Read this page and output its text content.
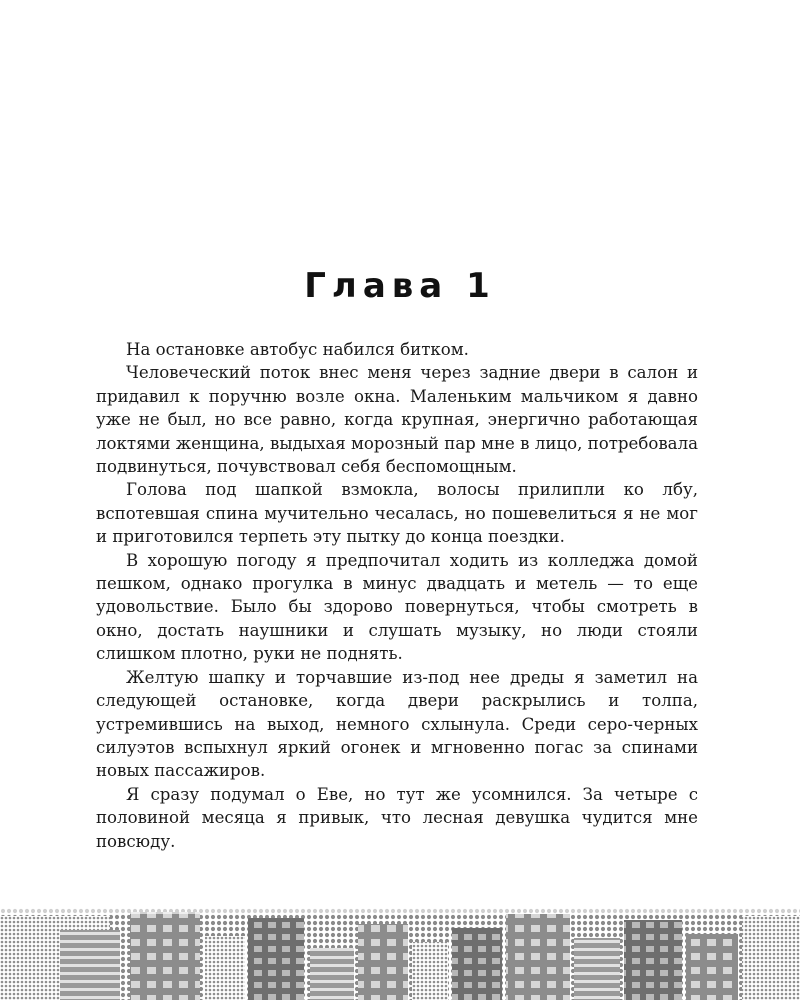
Глава 1

На остановке автобус набился битком.

Человеческий поток внес меня через задние двери в салон и придавил к поручню возле окна. Маленьким мальчиком я давно уже не был, но все равно, когда крупная, энергично работающая локтями женщина, выдыхая морозный пар мне в лицо, потребовала подвинуться, почувствовал себя беспомощным.

Голова под шапкой взмокла, волосы прилипли ко лбу, вспотевшая спина мучительно чесалась, но пошевелиться я не мог и приготовился терпеть эту пытку до конца поездки.

В хорошую погоду я предпочитал ходить из колледжа домой пешком, однако прогулка в минус двадцать и метель — то еще удовольствие. Было бы здорово повернуться, чтобы смотреть в окно, достать наушники и слушать музыку, но люди стояли слишком плотно, руки не поднять.

Желтую шапку и торчавшие из-под нее дреды я заметил на следующей остановке, когда двери раскрылись и толпа, устремившись на выход, немного схлынула. Среди серо-черных силуэтов вспыхнул яркий огонек и мгновенно погас за спинами новых пассажиров.

Я сразу подумал о Еве, но тут же усомнился. За четыре с половиной месяца я привык, что лесная девушка чудится мне повсюду.
